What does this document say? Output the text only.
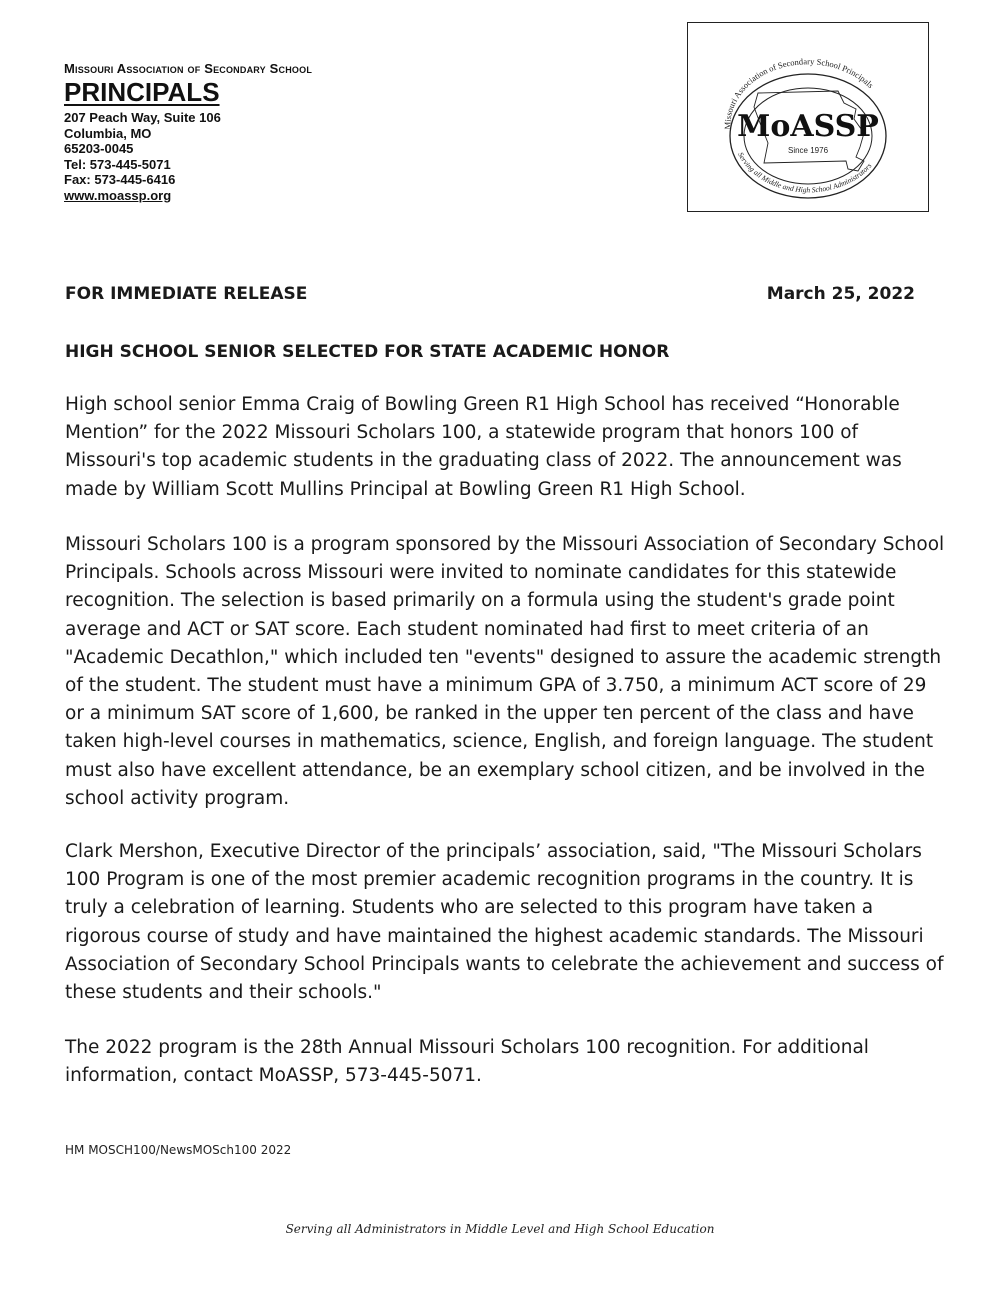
Missouri Association of Secondary School

PRINCIPALS

207 Peach Way, Suite 106
Columbia, MO
65203-0045
Tel: 573-445-5071
Fax: 573-445-6416
www.moassp.org
Missouri Association of Secondary School Principals
Serving all Middle and High School Administrators
MoASSP
Since 1976
FOR IMMEDIATE RELEASE	March 25, 2022
HIGH SCHOOL SENIOR SELECTED FOR STATE ACADEMIC HONOR

High school senior Emma Craig of Bowling Green R1 High School has received “Honorable Mention” for the 2022 Missouri Scholars 100, a statewide program that honors 100 of Missouri's top academic students in the graduating class of 2022. The announcement was made by William Scott Mullins Principal at Bowling Green R1 High School.

Missouri Scholars 100 is a program sponsored by the Missouri Association of Secondary School Principals. Schools across Missouri were invited to nominate candidates for this statewide recognition. The selection is based primarily on a formula using the student's grade point average and ACT or SAT score. Each student nominated had first to meet criteria of an "Academic Decathlon," which included ten "events" designed to assure the academic strength of the student. The student must have a minimum GPA of 3.750, a minimum ACT score of 29 or a minimum SAT score of 1,600, be ranked in the upper ten percent of the class and have taken high-level courses in mathematics, science, English, and foreign language. The student must also have excellent attendance, be an exemplary school citizen, and be involved in the school activity program.

Clark Mershon, Executive Director of the principals’ association, said, "The Missouri Scholars 100 Program is one of the most premier academic recognition programs in the country. It is truly a celebration of learning. Students who are selected to this program have taken a rigorous course of study and have maintained the highest academic standards. The Missouri Association of Secondary School Principals wants to celebrate the achievement and success of these students and their schools."

The 2022 program is the 28th Annual Missouri Scholars 100 recognition. For additional information, contact MoASSP, 573-445-5071.

HM MOSCH100/NewsMOSch100 2022
Serving all Administrators in Middle Level and High School Education
